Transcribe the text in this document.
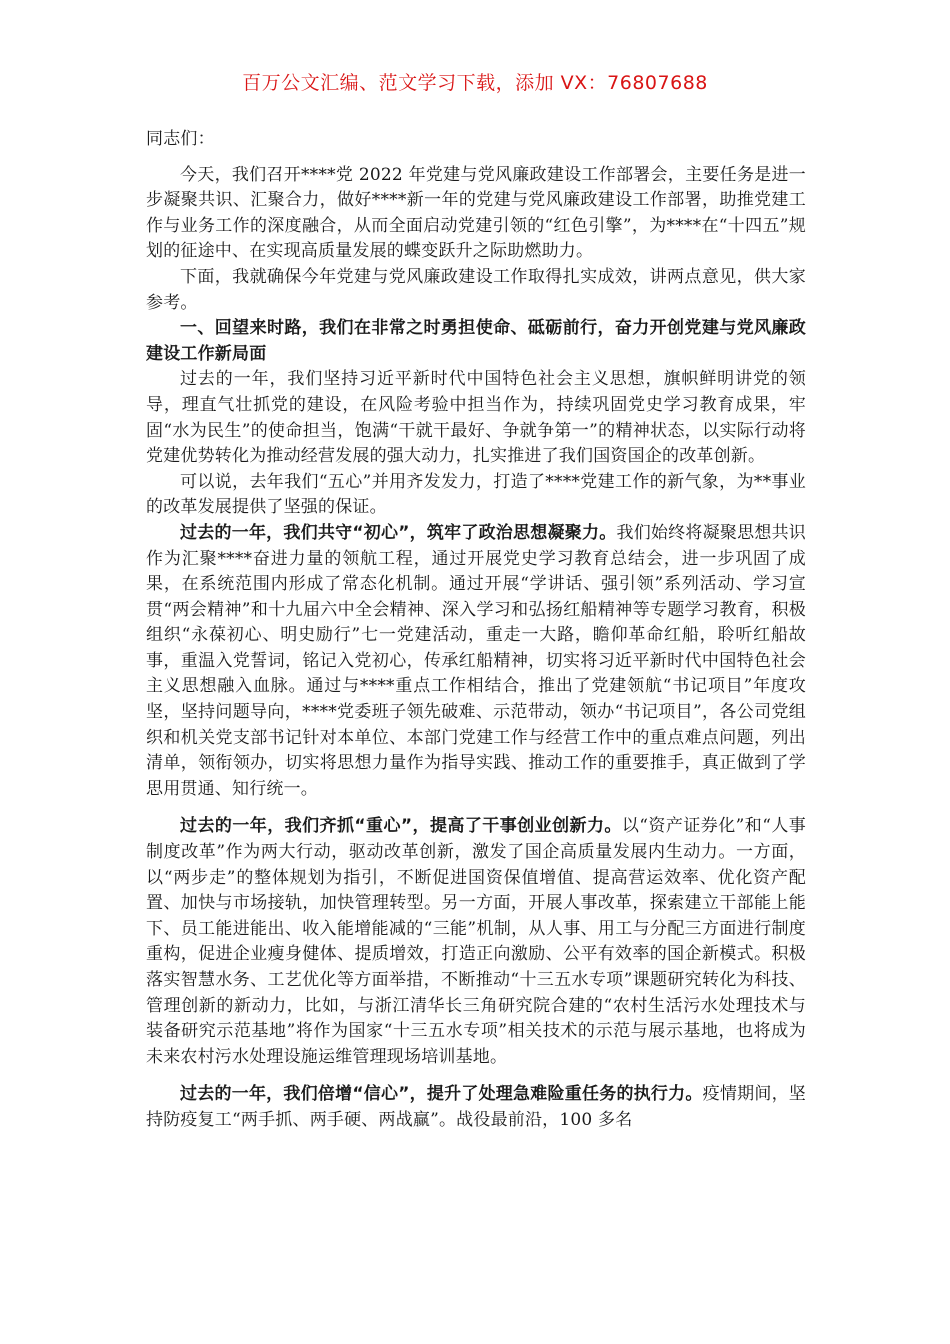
百万公文汇编、范文学习下载，添加 VX：76807688

同志们：

今天，我们召开****党 2022 年党建与党风廉政建设工作部署会，主要任务是进一步凝聚共识、汇聚合力，做好****新一年的党建与党风廉政建设工作部署，助推党建工作与业务工作的深度融合，从而全面启动党建引领的“红色引擎”，为****在“十四五”规划的征途中、在实现高质量发展的蝶变跃升之际助燃助力。

下面，我就确保今年党建与党风廉政建设工作取得扎实成效，讲两点意见，供大家参考。

一、回望来时路，我们在非常之时勇担使命、砥砺前行，奋力开创党建与党风廉政建设工作新局面

过去的一年，我们坚持习近平新时代中国特色社会主义思想，旗帜鲜明讲党的领导，理直气壮抓党的建设，在风险考验中担当作为，持续巩固党史学习教育成果，牢固“水为民生”的使命担当，饱满“干就干最好、争就争第一”的精神状态，以实际行动将党建优势转化为推动经营发展的强大动力，扎实推进了我们国资国企的改革创新。

可以说，去年我们“五心”并用齐发发力，打造了****党建工作的新气象，为**事业的改革发展提供了坚强的保证。

过去的一年，我们共守“初心”，筑牢了政治思想凝聚力。我们始终将凝聚思想共识作为汇聚****奋进力量的领航工程，通过开展党史学习教育总结会，进一步巩固了成果，在系统范围内形成了常态化机制。通过开展“学讲话、强引领”系列活动、学习宣贯“两会精神”和十九届六中全会精神、深入学习和弘扬红船精神等专题学习教育，积极组织“永葆初心、明史励行”七一党建活动，重走一大路，瞻仰革命红船，聆听红船故事，重温入党誓词，铭记入党初心，传承红船精神，切实将习近平新时代中国特色社会主义思想融入血脉。通过与****重点工作相结合，推出了党建领航“书记项目”年度攻坚，坚持问题导向，****党委班子领先破难、示范带动，领办“书记项目”，各公司党组织和机关党支部书记针对本单位、本部门党建工作与经营工作中的重点难点问题，列出清单，领衔领办，切实将思想力量作为指导实践、推动工作的重要推手，真正做到了学思用贯通、知行统一。

过去的一年，我们齐抓“重心”，提高了干事创业创新力。以“资产证券化”和“人事制度改革”作为两大行动，驱动改革创新，激发了国企高质量发展内生动力。一方面，以“两步走”的整体规划为指引，不断促进国资保值增值、提高营运效率、优化资产配置、加快与市场接轨，加快管理转型。另一方面，开展人事改革，探索建立干部能上能下、员工能进能出、收入能增能减的“三能”机制，从人事、用工与分配三方面进行制度重构，促进企业瘦身健体、提质增效，打造正向激励、公平有效率的国企新模式。积极落实智慧水务、工艺优化等方面举措，不断推动“十三五水专项”课题研究转化为科技、管理创新的新动力，比如，与浙江清华长三角研究院合建的“农村生活污水处理技术与装备研究示范基地”将作为国家“十三五水专项”相关技术的示范与展示基地，也将成为未来农村污水处理设施运维管理现场培训基地。

过去的一年，我们倍增“信心”，提升了处理急难险重任务的执行力。疫情期间，坚持防疫复工“两手抓、两手硬、两战赢”。战役最前沿，100 多名
